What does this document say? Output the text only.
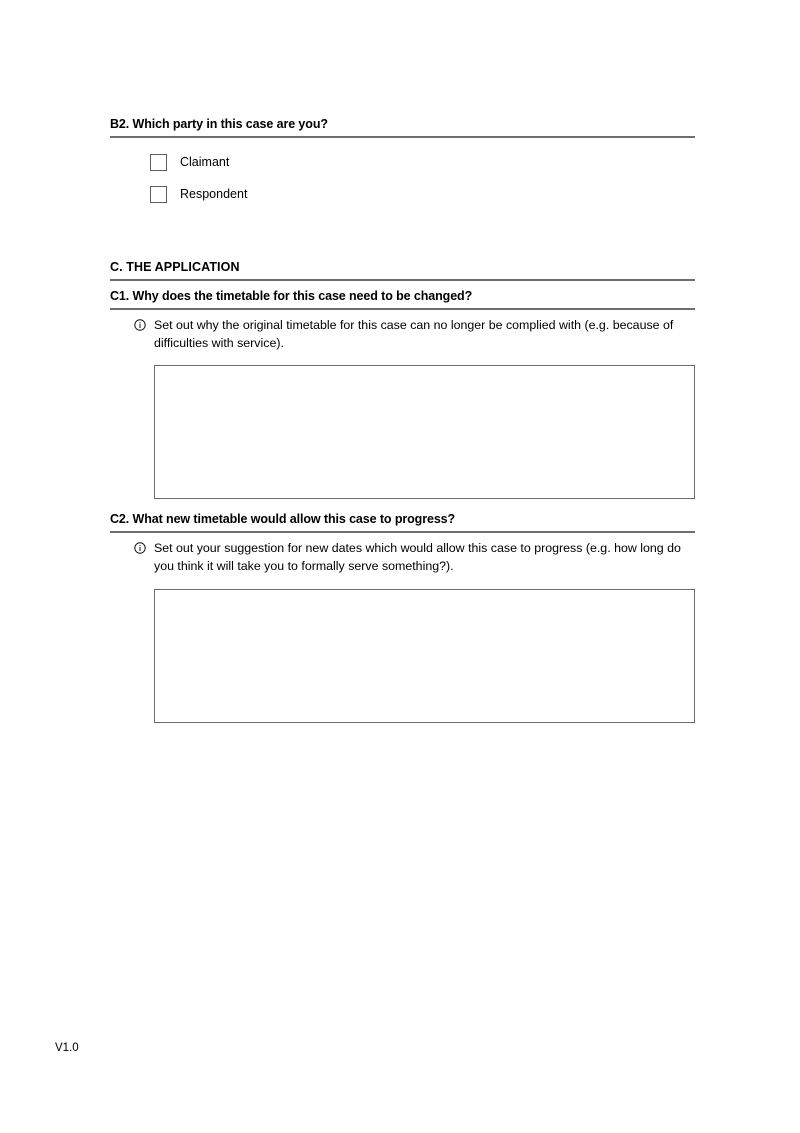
B2. Which party in this case are you?
Claimant
Respondent
C. THE APPLICATION
C1. Why does the timetable for this case need to be changed?
Set out why the original timetable for this case can no longer be complied with (e.g. because of difficulties with service).
C2. What new timetable would allow this case to progress?
Set out your suggestion for new dates which would allow this case to progress (e.g. how long do you think it will take you to formally serve something?).
V1.0
